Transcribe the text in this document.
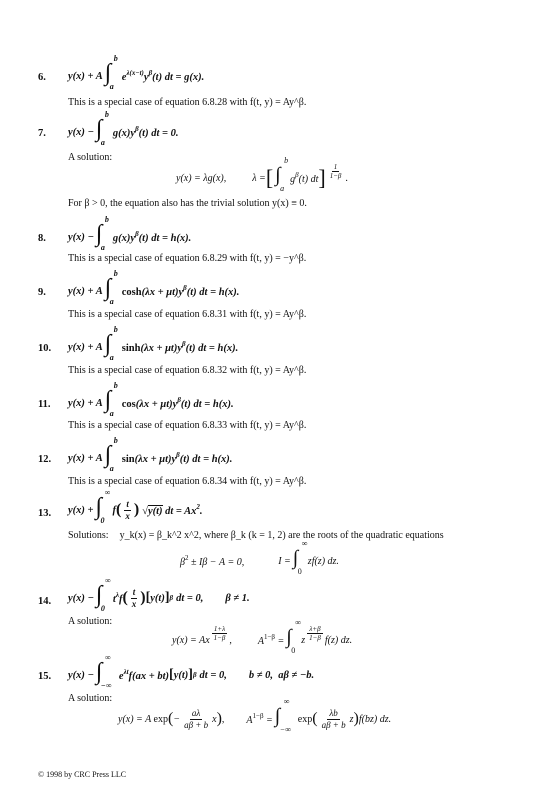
6. y(x) + A ∫
b
a
$e^{\lambda(x-t)}y^\beta(t)$ dt = g(x).
This is a special case of equation 6.8.28 with f(t, y) = Ay^β.
7. y(x) − ∫
b
a
$g(x)y^\beta(t)$ dt = 0.
A solution:
y(x) = λg(x),	λ = [ ∫
b
a
$g^\beta(t)$ dt ] $\frac{1}{1-\beta}$ .
For β > 0, the equation also has the trivial solution y(x) ≡ 0.
8. y(x) − ∫
b
a
$g(x)y^\beta(t)$ dt = h(x).
This is a special case of equation 6.8.29 with f(t, y) = −y^β.
9. y(x) + A ∫
b
a
$\cosh(\lambda x + \mu t)y^\beta(t)$ dt = h(x).
This is a special case of equation 6.8.31 with f(t, y) = Ay^β.
10. y(x) + A ∫
b
a
$\sinh(\lambda x + \mu t)y^\beta(t)$ dt = h(x).
This is a special case of equation 6.8.32 with f(t, y) = Ay^β.
11. y(x) + A ∫
b
a
$\cos(\lambda x + \mu t)y^\beta(t)$ dt = h(x).
This is a special case of equation 6.8.33 with f(t, y) = Ay^β.
12. y(x) + A ∫
b
a
$\sin(\lambda x + \mu t)y^\beta(t)$ dt = h(x).
This is a special case of equation 6.8.34 with f(t, y) = Ay^β.
13. y(x) + ∫
∞
0
f ( $\frac{t}{x}$ ) √y(t) dt = $Ax^2$.
Solutions: y_k(x) = β_k^2 x^2, where β_k (k = 1, 2) are the roots of the quadratic equations
$\beta^2 \pm I\beta - A = 0$,	I = ∫
∞
0
zf(z) dz.
14. y(x) − ∫
∞
0
$t^\lambda f$ ( $\frac{t}{x}$ ) [ y(t) ] β dt = 0, β ≠ 1.
A solution:
y(x) = Ax $\frac{1+\lambda}{1-\beta}$ ,	$A^{1-\beta}$ = ∫
∞
0
z $\frac{\lambda+\beta}{1-\beta} f(z)$ dz.
15. y(x) − ∫
∞
−∞
$e^{\lambda t}f(ax + bt)$ [ y(t) ] β dt = 0, b ≠ 0,  aβ ≠ −b.
A solution:
y(x) = A exp ( − $\frac{a\lambda}{a\beta + b}$ x ) , $A^{1-\beta}$ = ∫
∞
−∞
exp ( $\frac{\lambda b}{a\beta + b}$ z ) f(bz) dz.
© 1998 by CRC Press LLC
